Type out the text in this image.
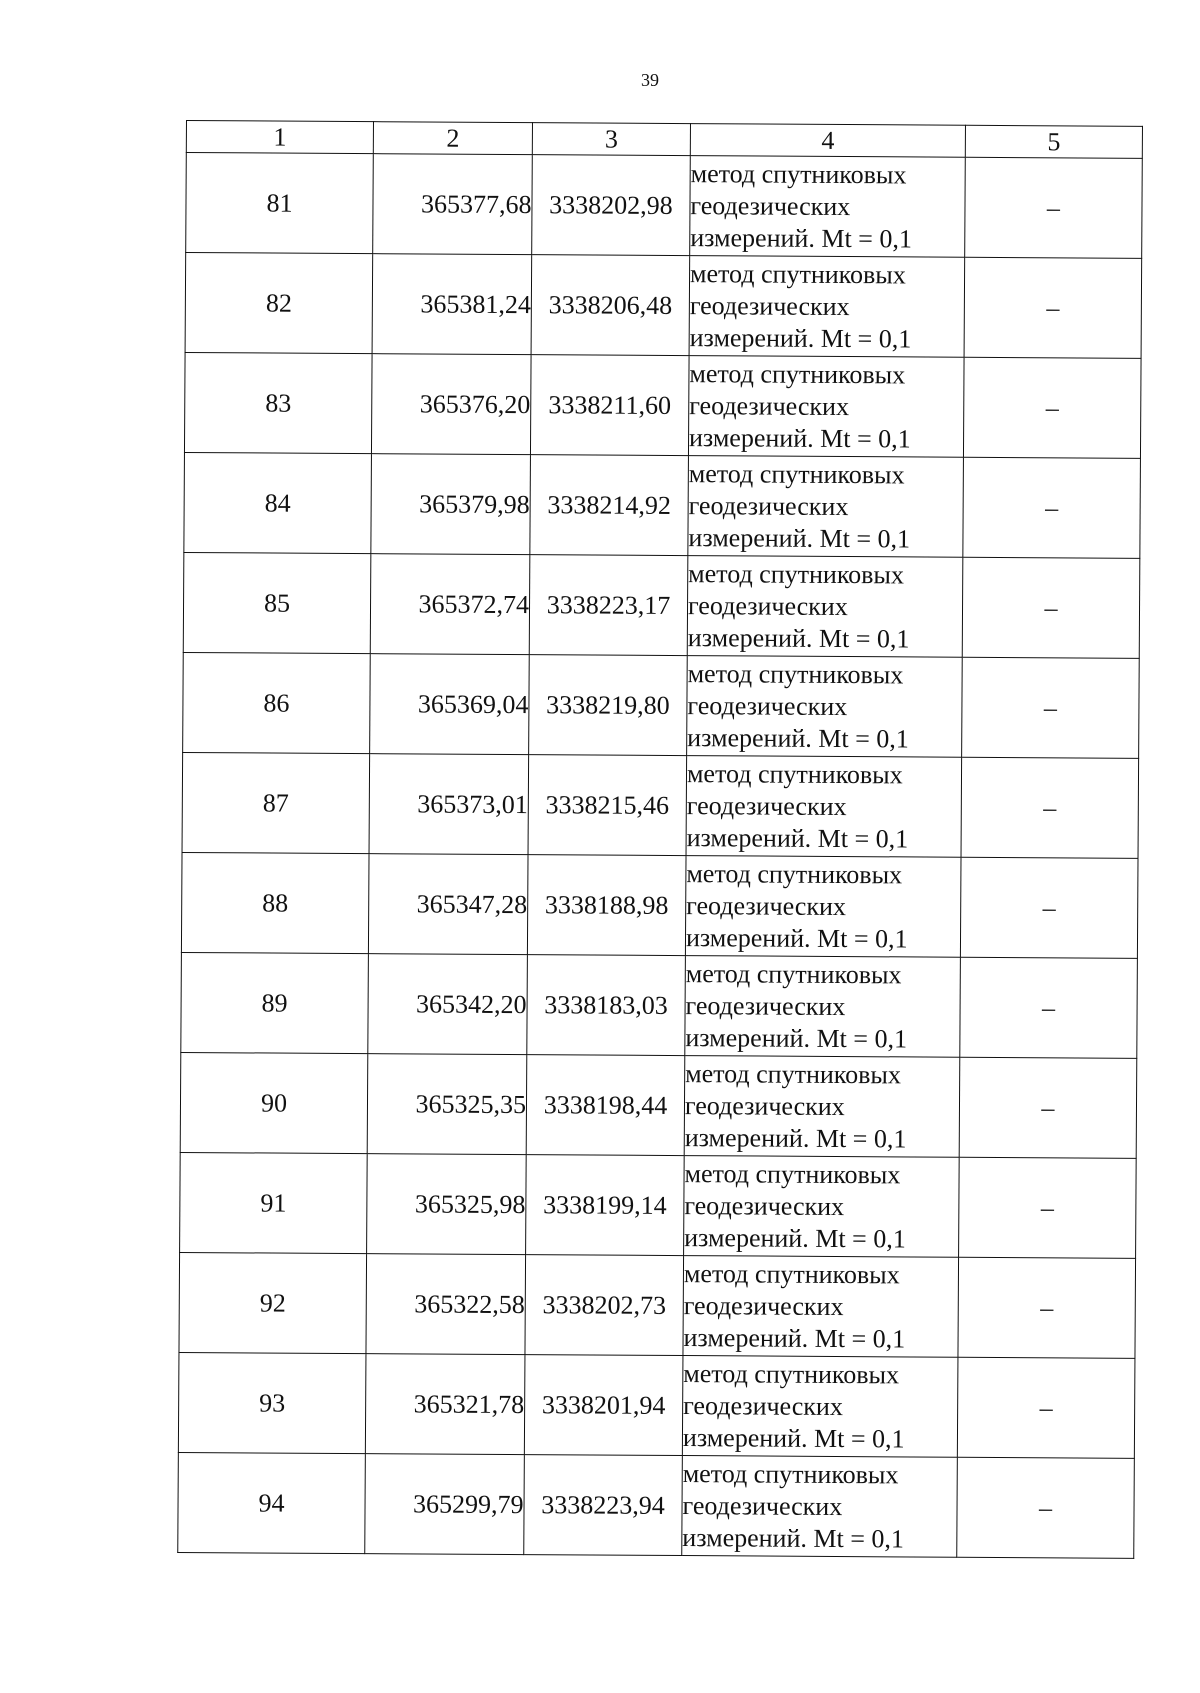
39
1	2	3	4	5
81	365377,68	3338202,98	метод спутниковых
геодезических
измерений. Mt = 0,1	–
82	365381,24	3338206,48	метод спутниковых
геодезических
измерений. Mt = 0,1	–
83	365376,20	3338211,60	метод спутниковых
геодезических
измерений. Mt = 0,1	–
84	365379,98	3338214,92	метод спутниковых
геодезических
измерений. Mt = 0,1	–
85	365372,74	3338223,17	метод спутниковых
геодезических
измерений. Mt = 0,1	–
86	365369,04	3338219,80	метод спутниковых
геодезических
измерений. Mt = 0,1	–
87	365373,01	3338215,46	метод спутниковых
геодезических
измерений. Mt = 0,1	–
88	365347,28	3338188,98	метод спутниковых
геодезических
измерений. Mt = 0,1	–
89	365342,20	3338183,03	метод спутниковых
геодезических
измерений. Mt = 0,1	–
90	365325,35	3338198,44	метод спутниковых
геодезических
измерений. Mt = 0,1	–
91	365325,98	3338199,14	метод спутниковых
геодезических
измерений. Mt = 0,1	–
92	365322,58	3338202,73	метод спутниковых
геодезических
измерений. Mt = 0,1	–
93	365321,78	3338201,94	метод спутниковых
геодезических
измерений. Mt = 0,1	–
94	365299,79	3338223,94	метод спутниковых
геодезических
измерений. Mt = 0,1	–
